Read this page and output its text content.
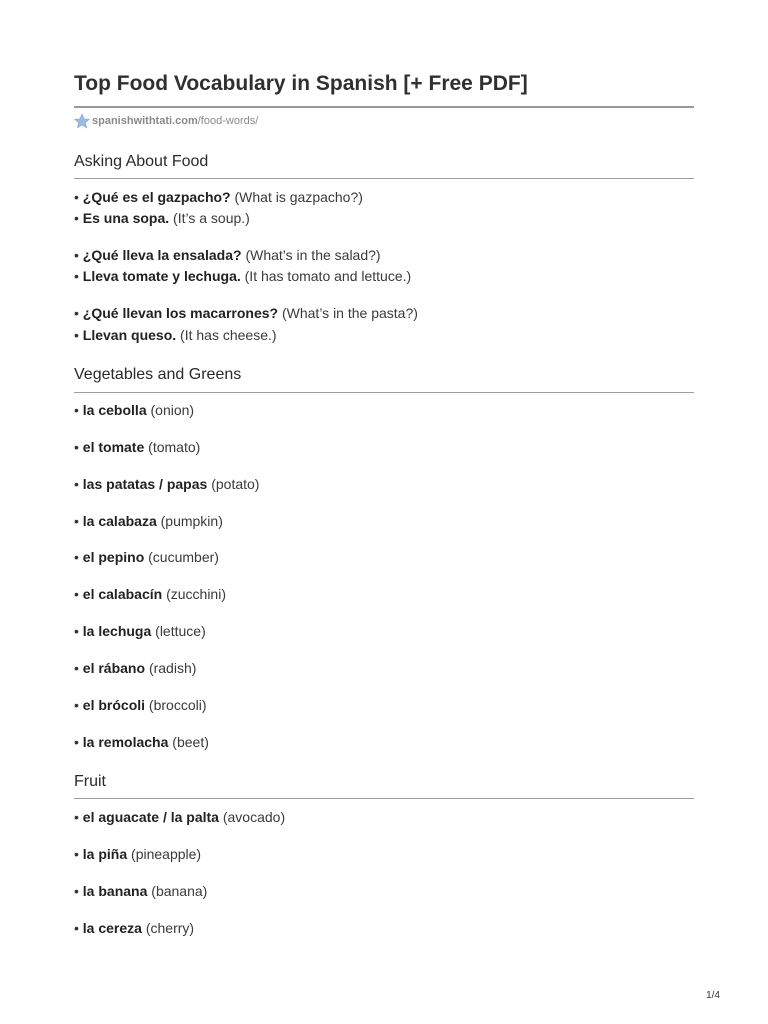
Top Food Vocabulary in Spanish [+ Free PDF]
spanishwithtati.com /food-words/
Asking About Food
• ¿Qué es el gazpacho? (What is gazpacho?)
• Es una sopa. (It’s a soup.)
• ¿Qué lleva la ensalada? (What’s in the salad?)
• Lleva tomate y lechuga. (It has tomato and lettuce.)
• ¿Qué llevan los macarrones? (What’s in the pasta?)
• Llevan queso. (It has cheese.)
Vegetables and Greens
• la cebolla (onion)
• el tomate (tomato)
• las patatas / papas (potato)
• la calabaza (pumpkin)
• el pepino (cucumber)
• el calabacín (zucchini)
• la lechuga (lettuce)
• el rábano (radish)
• el brócoli (broccoli)
• la remolacha (beet)
Fruit
• el aguacate / la palta (avocado)
• la piña (pineapple)
• la banana (banana)
• la cereza (cherry)
1/4
